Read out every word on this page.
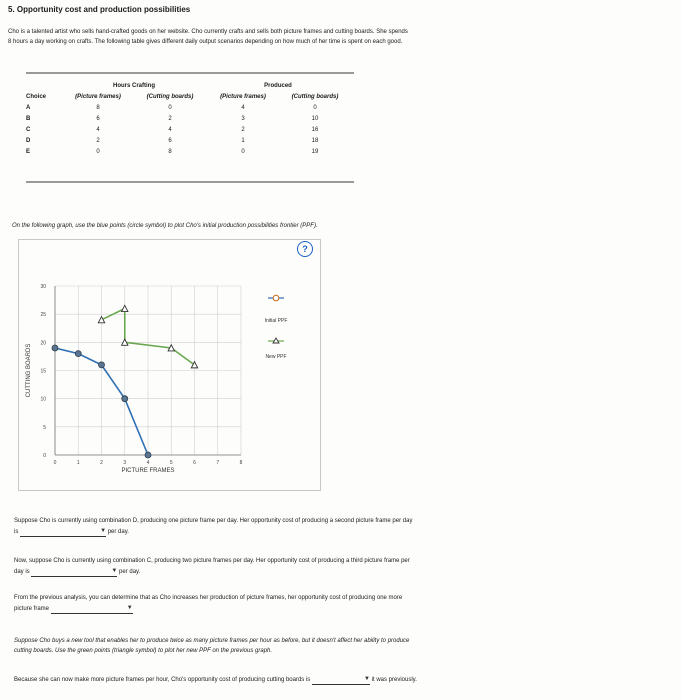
5. Opportunity cost and production possibilities
Cho is a talented artist who sells hand-crafted goods on her website. Cho currently crafts and sells both picture frames and cutting boards. She spends
8 hours a day working on crafts. The following table gives different daily output scenarios depending on how much of her time is spent on each good.
	Hours Crafting		Produced	
Choice	(Picture frames)	(Cutting boards)	(Picture frames)	(Cutting boards)
A	8	0	4	0
B	6	2	3	10
C	4	4	2	16
D	2	6	1	18
E	0	8	0	19
On the following graph, use the blue points (circle symbol) to plot Cho's initial production possibilities frontier (PPF).
?
0	1	2	3	4	5	6	7	8
0
5
10
15
20
25
30
PICTURE FRAMES
CUTTING BOARDS
Initial PPF
New PPF
Suppose Cho is currently using combination D, producing one picture frame per day. Her opportunity cost of producing a second picture frame per day
is	▼ per day.
Now, suppose Cho is currently using combination C, producing two picture frames per day. Her opportunity cost of producing a third picture frame per
day is	▼ per day.
From the previous analysis, you can determine that as Cho increases her production of picture frames, her opportunity cost of producing one more
picture frame	▼
Suppose Cho buys a new tool that enables her to produce twice as many picture frames per hour as before, but it doesn't affect her ability to produce
cutting boards. Use the green points (triangle symbol) to plot her new PPF on the previous graph.
Because she can now make more picture frames per hour, Cho's opportunity cost of producing cutting boards is	▼ it was previously.
